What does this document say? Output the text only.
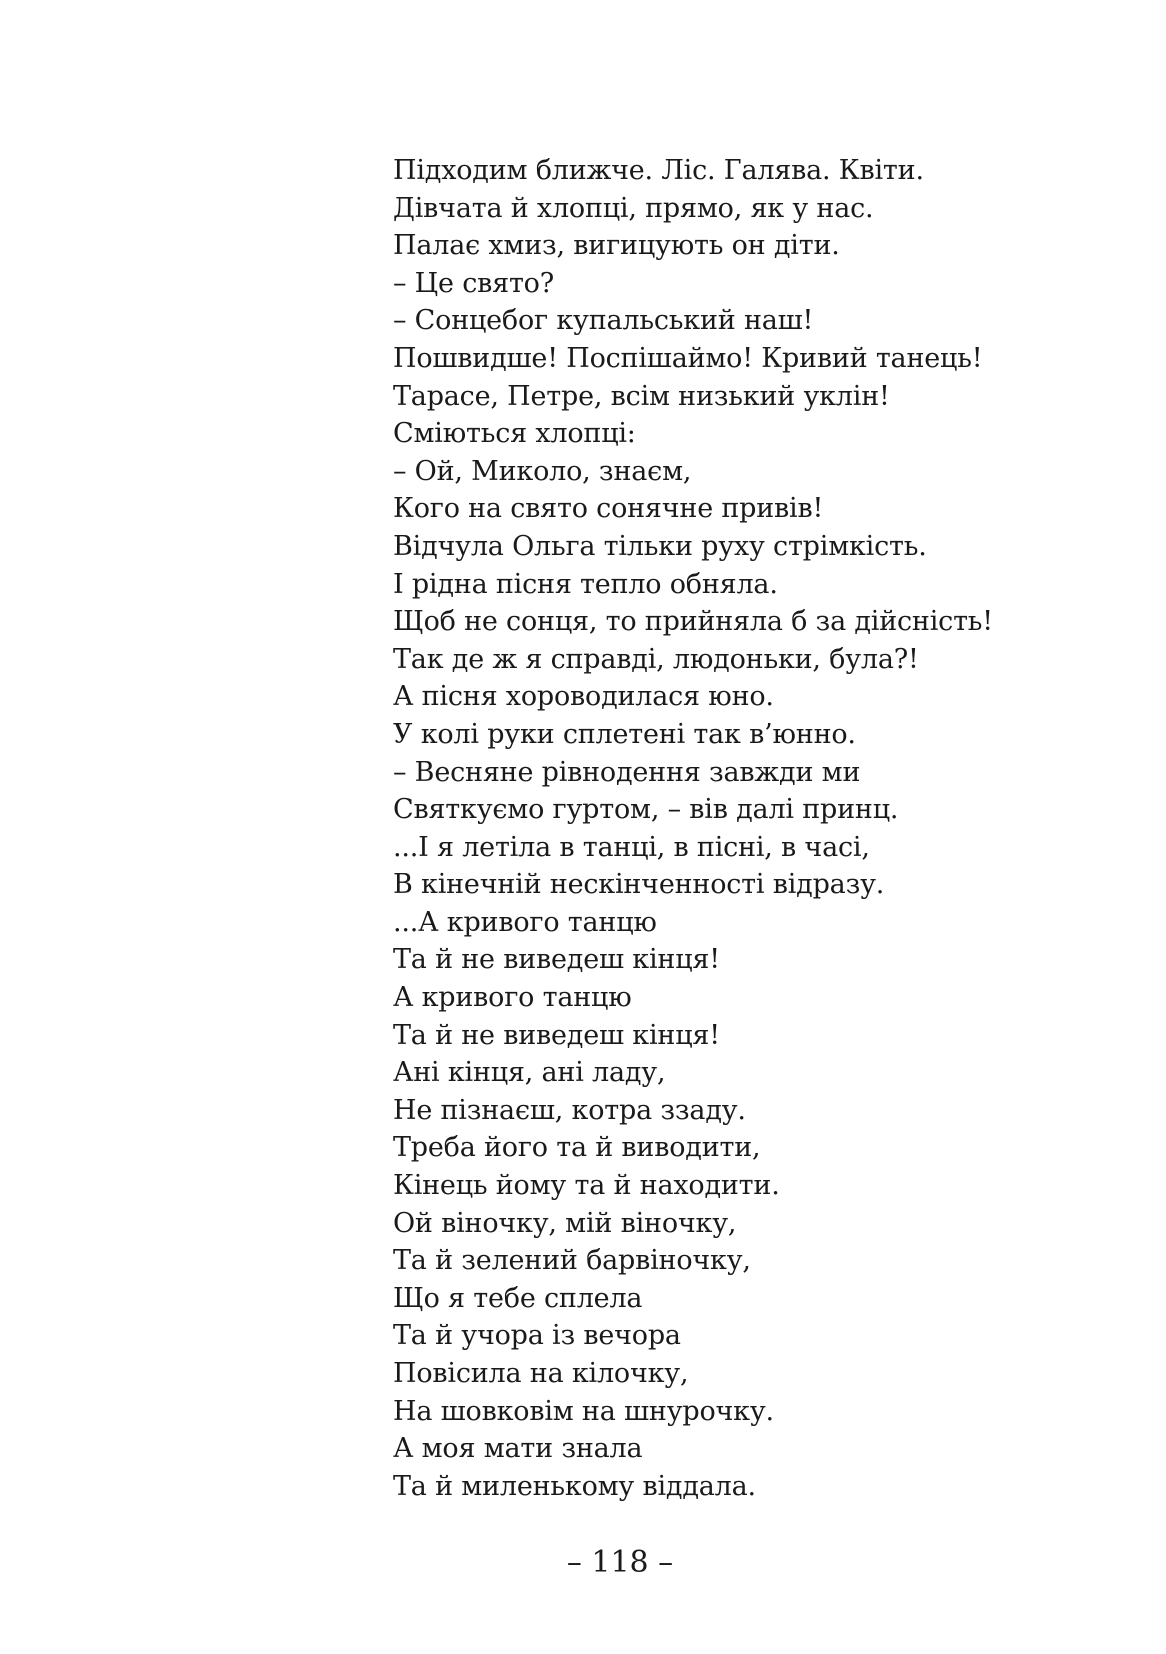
Підходим ближче. Ліс. Галява. Квіти.
Дівчата й хлопці, прямо, як у нас.
Палає хмиз, вигицують он діти.
– Це свято?
– Сонцебог купальський наш!
Пошвидше! Поспішаймо! Кривий танець!
Тарасе, Петре, всім низький уклін!
Сміються хлопці:
– Ой, Миколо, знаєм,
Кого на свято сонячне привів!
Відчула Ольга тільки руху стрімкість.
І рідна пісня тепло обняла.
Щоб не сонця, то прийняла б за дійсність!
Так де ж я справді, людоньки, була?!
А пісня хороводилася юно.
У колі руки сплетені так в’юнно.
– Весняне рівнодення завжди ми
Святкуємо гуртом, – вів далі принц.
...І я летіла в танці, в пісні, в часі,
В кінечній нескінченності відразу.
...А кривого танцю
Та й не виведеш кінця!
А кривого танцю
Та й не виведеш кінця!
Ані кінця, ані ладу,
Не пізнаєш, котра ззаду.
Треба його та й виводити,
Кінець йому та й находити.
Ой віночку, мій віночку,
Та й зелений барвіночку,
Що я тебе сплела
Та й учора із вечора
Повісила на кілочку,
На шовковім на шнурочку.
А моя мати знала
Та й миленькому віддала.
– 118 –
